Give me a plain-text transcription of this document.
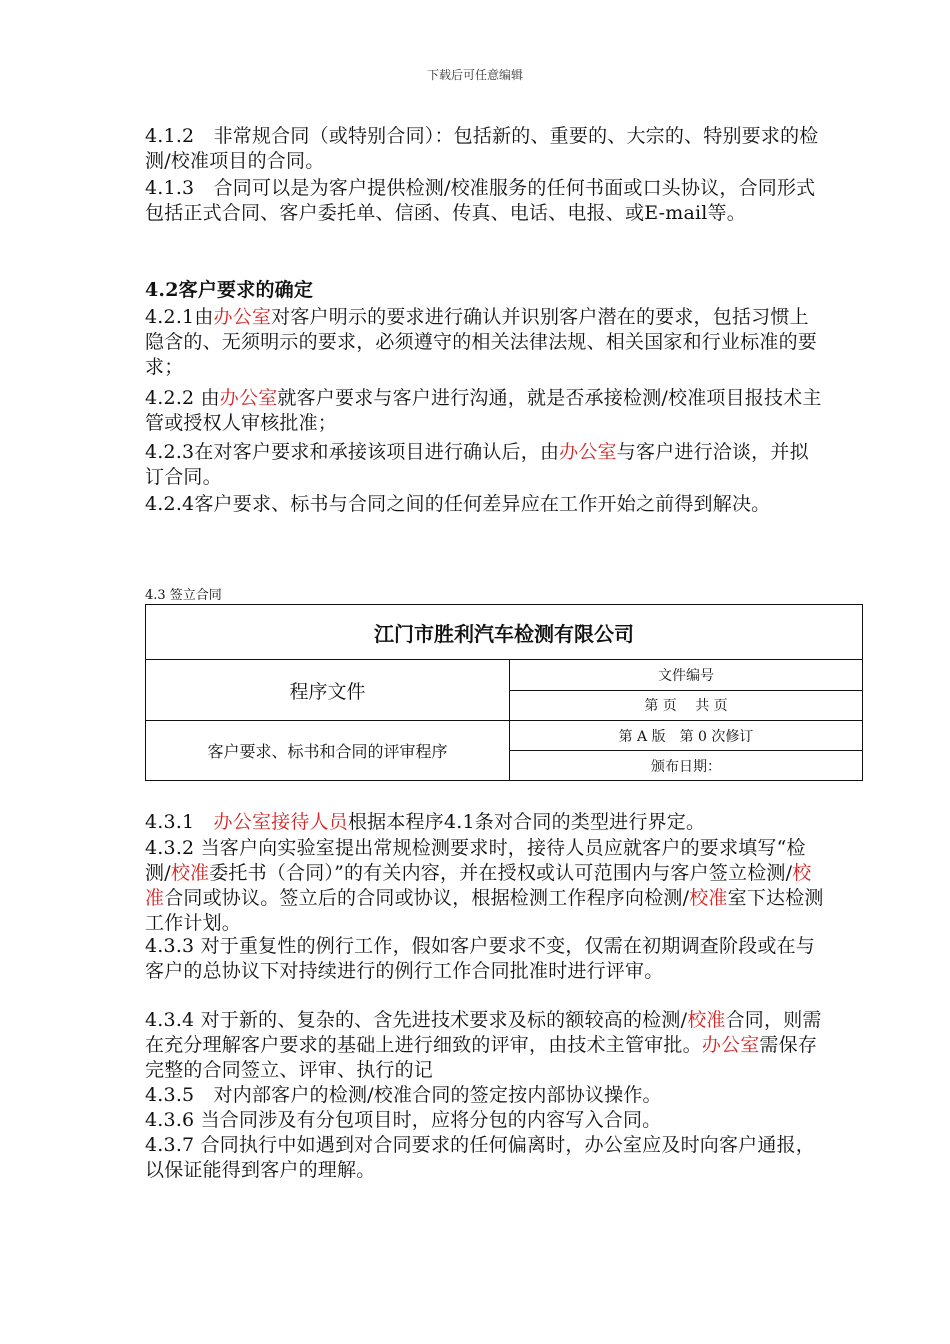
下载后可任意编辑

4.1.2　 非常规合同（或特别合同）：包括新的、重要的、大宗的、特别要求的检测/校准项目的合同。

4.1.3　 合同可以是为客户提供检测/校准服务的任何书面或口头协议，合同形式包括正式合同、客户委托单、信函、传真、电话、电报、或E-mail等。

4.2客户要求的确定

4.2.1由办公室对客户明示的要求进行确认并识别客户潜在的要求，包括习惯上隐含的、无须明示的要求，必须遵守的相关法律法规、相关国家和行业标准的要求；

4.2.2 由办公室就客户要求与客户进行沟通，就是否承接检测/校准项目报技术主管或授权人审核批准；

4.2.3在对客户要求和承接该项目进行确认后，由办公室与客户进行洽谈，并拟订合同。

4.2.4客户要求、标书与合同之间的任何差异应在工作开始之前得到解决。

4.3 签立合同
江门市胜利汽车检测有限公司	
程序文件	文件编号
	第 页　 共 页
客户要求、标书和合同的评审程序	第 A 版　第 0 次修订
	颁布日期：

4.3.1　办公室接待人员根据本程序4.1条对合同的类型进行界定。

4.3.2 当客户向实验室提出常规检测要求时，接待人员应就客户的要求填写“检测/校准委托书（合同）”的有关内容，并在授权或认可范围内与客户签立检测/校准合同或协议。签立后的合同或协议，根据检测工作程序向检测/校准室下达检测工作计划。

4.3.3 对于重复性的例行工作，假如客户要求不变，仅需在初期调查阶段或在与客户的总协议下对持续进行的例行工作合同批准时进行评审。

4.3.4 对于新的、复杂的、含先进技术要求及标的额较高的检测/校准合同，则需在充分理解客户要求的基础上进行细致的评审，由技术主管审批。办公室需保存完整的合同签立、评审、执行的记

4.3.5　对内部客户的检测/校准合同的签定按内部协议操作。

4.3.6 当合同涉及有分包项目时，应将分包的内容写入合同。

4.3.7 合同执行中如遇到对合同要求的任何偏离时，办公室应及时向客户通报，以保证能得到客户的理解。
